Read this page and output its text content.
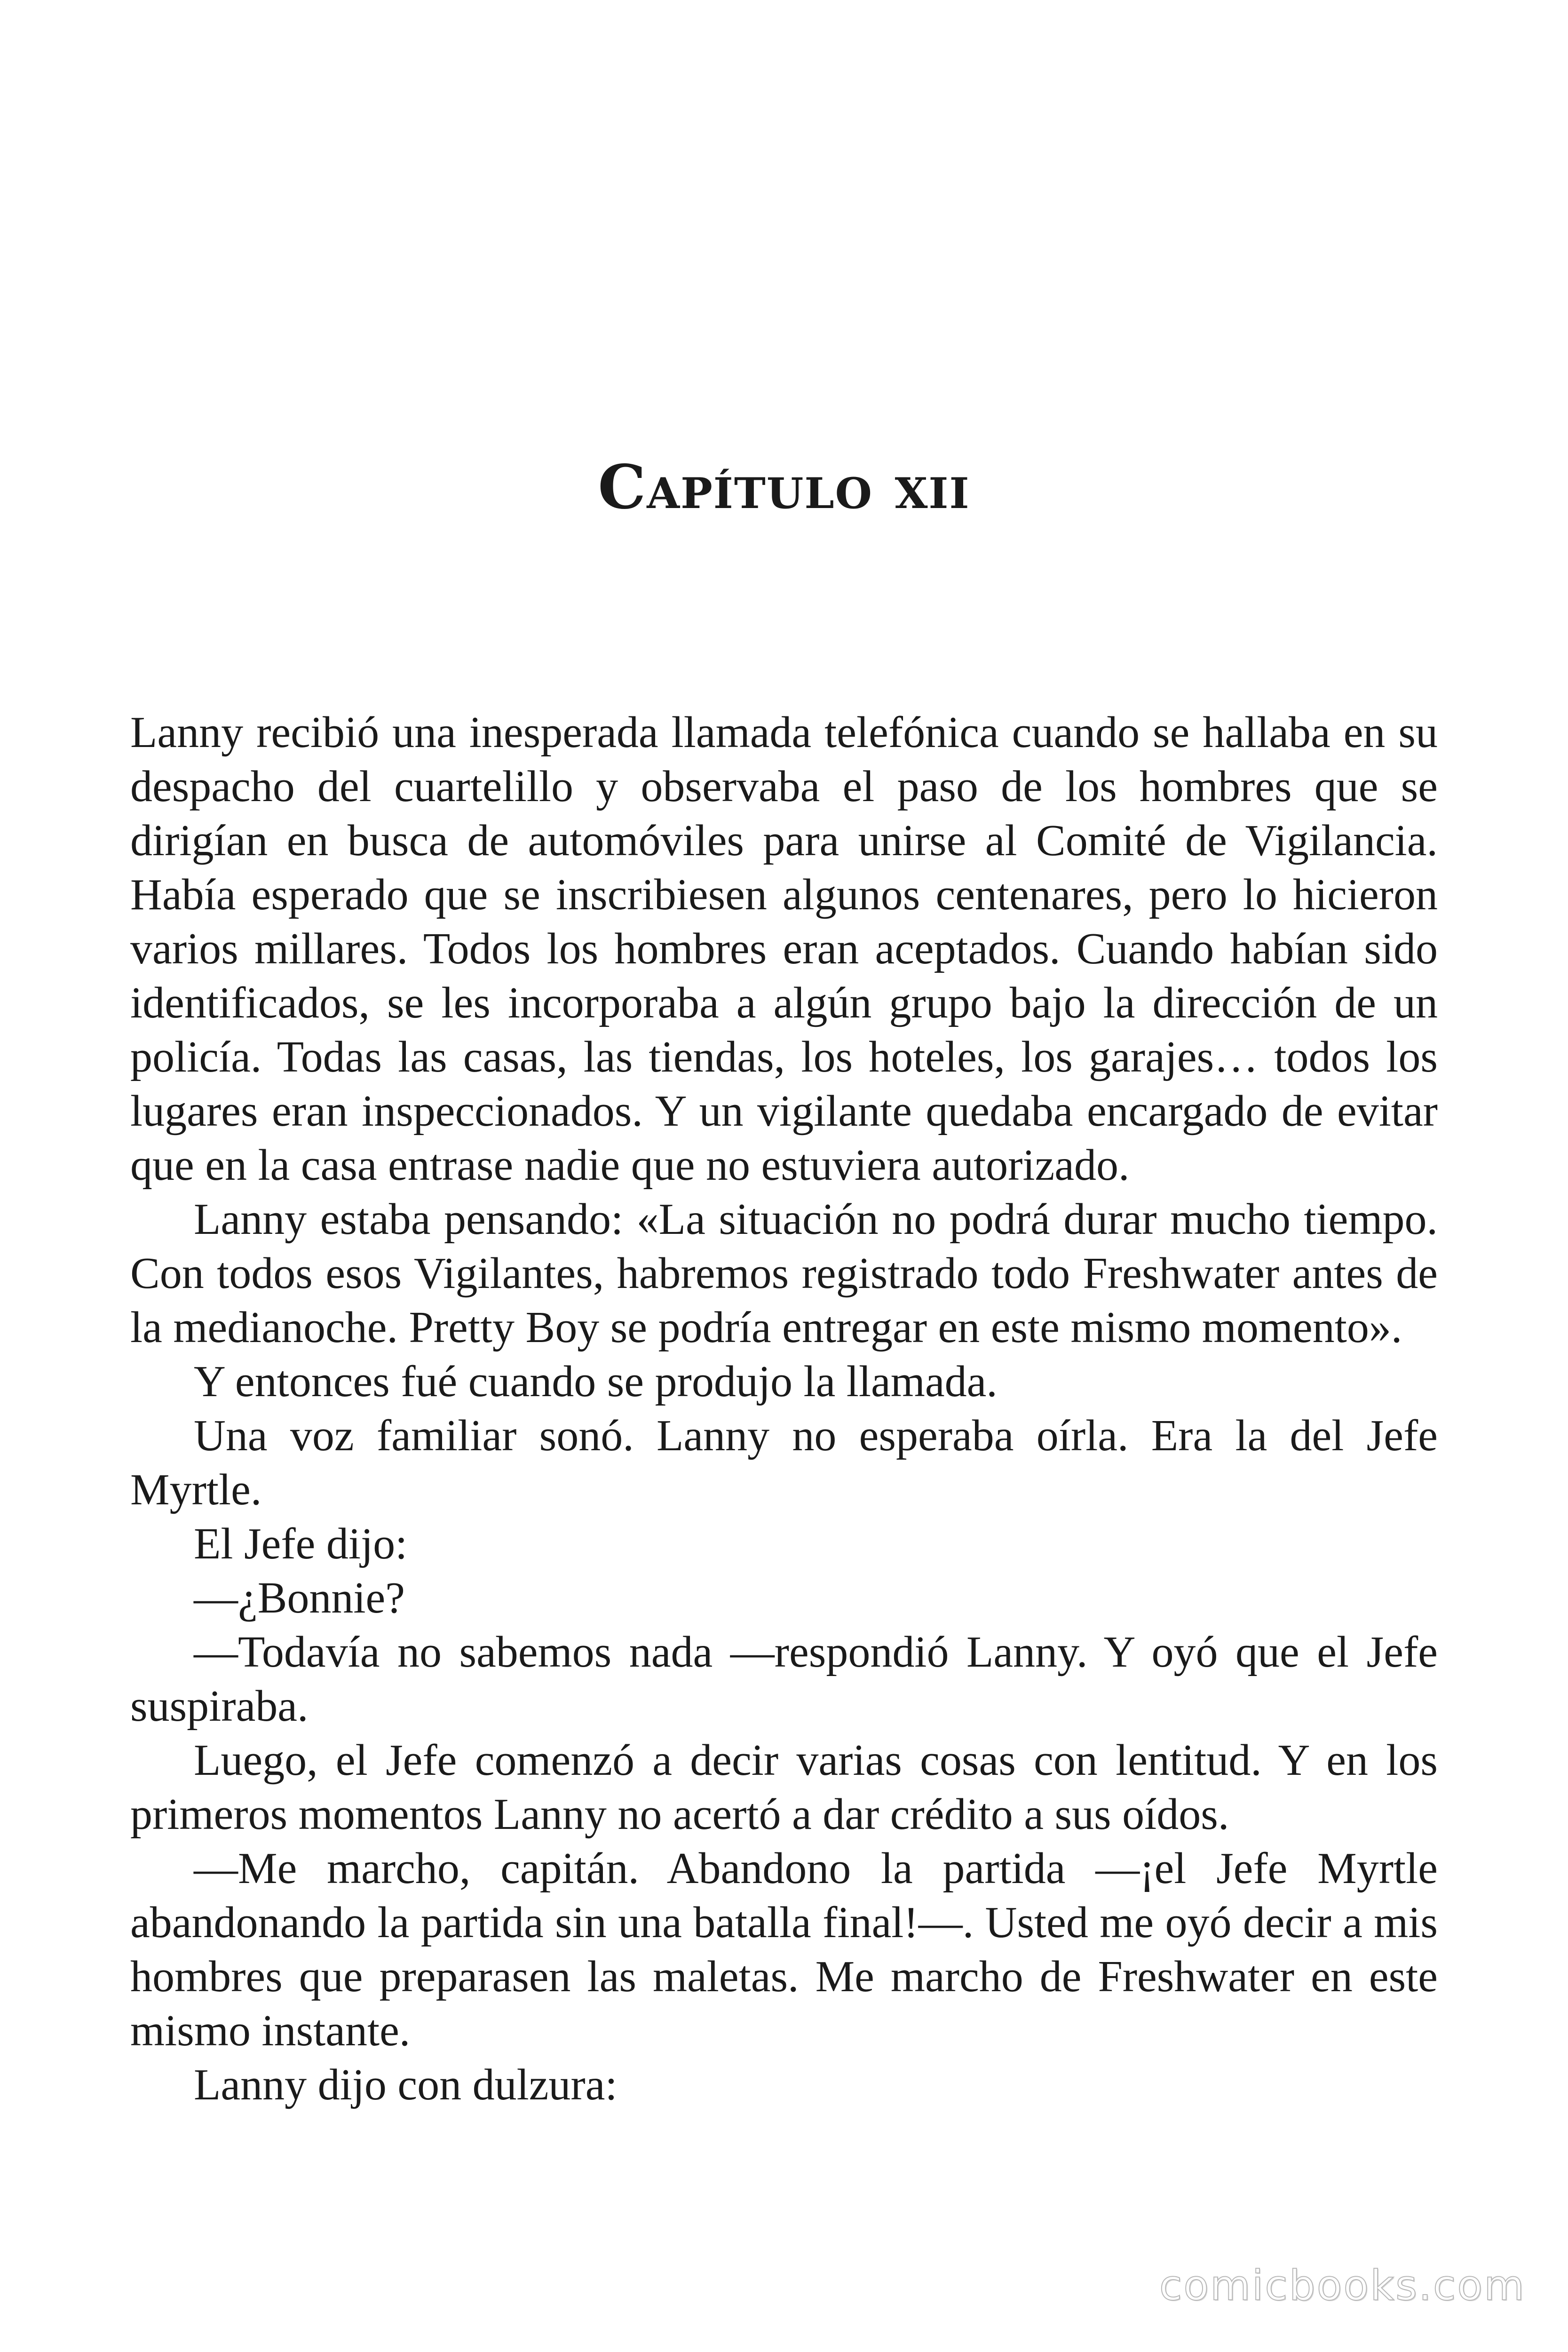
Capítulo xii

Lanny recibió una inesperada llamada telefónica cuando se hallaba en su despacho del cuartelillo y observaba el paso de los hombres que se dirigían en busca de automóviles para unirse al Comité de Vigilancia. Había esperado que se inscribiesen algunos centenares, pero lo hicieron varios millares. Todos los hombres eran aceptados. Cuando habían sido identificados, se les incorporaba a algún grupo bajo la dirección de un policía. Todas las casas, las tiendas, los hoteles, los garajes… todos los lugares eran inspeccionados. Y un vigilante quedaba encargado de evitar que en la casa entrase nadie que no estuviera autorizado.

Lanny estaba pensando: «La situación no podrá durar mucho tiempo. Con todos esos Vigilantes, habremos registrado todo Freshwater antes de la medianoche. Pretty Boy se podría entregar en este mismo momento».

Y entonces fué cuando se produjo la llamada.

Una voz familiar sonó. Lanny no esperaba oírla. Era la del Jefe Myrtle.

El Jefe dijo:

—¿Bonnie?

—Todavía no sabemos nada —respondió Lanny. Y oyó que el Jefe suspiraba.

Luego, el Jefe comenzó a decir varias cosas con lentitud. Y en los primeros momentos Lanny no acertó a dar crédito a sus oídos.

—Me marcho, capitán. Abandono la partida —¡el Jefe Myrtle abandonando la partida sin una batalla final!—. Usted me oyó decir a mis hombres que preparasen las maletas. Me marcho de Freshwater en este mismo instante.

Lanny dijo con dulzura:

comicbooks.com
